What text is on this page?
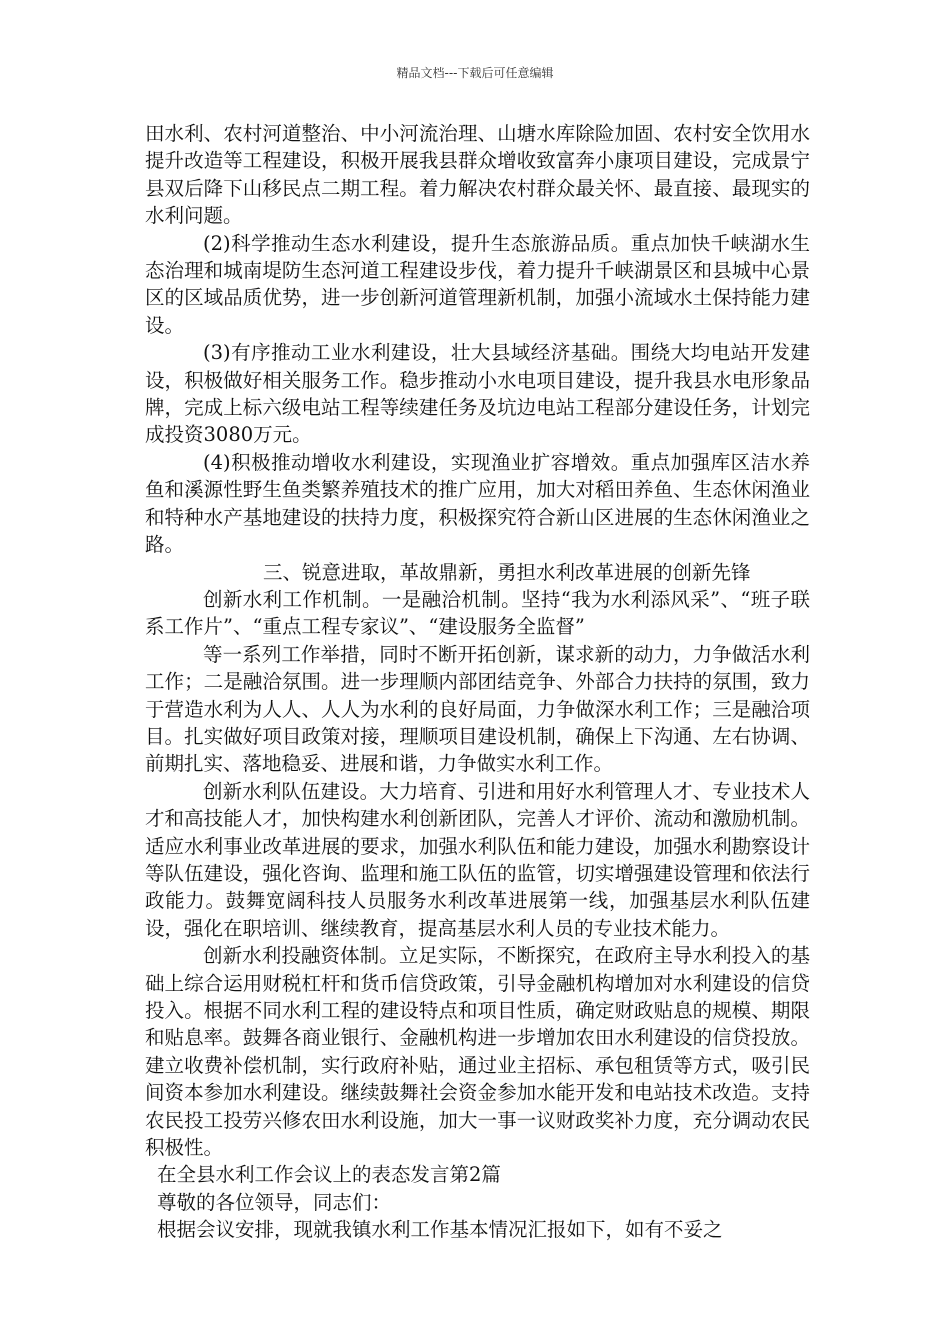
精品文档---下载后可任意编辑

田水利、农村河道整治、中小河流治理、山塘水库除险加固、农村安全饮用水提升改造等工程建设，积极开展我县群众增收致富奔小康项目建设，完成景宁县双后降下山移民点二期工程。着力解决农村群众最关怀、最直接、最现实的水利问题。

(2)科学推动生态水利建设，提升生态旅游品质。重点加快千峡湖水生态治理和城南堤防生态河道工程建设步伐，着力提升千峡湖景区和县城中心景区的区域品质优势，进一步创新河道管理新机制，加强小流域水土保持能力建设。

(3)有序推动工业水利建设，壮大县域经济基础。围绕大均电站开发建设，积极做好相关服务工作。稳步推动小水电项目建设，提升我县水电形象品牌，完成上标六级电站工程等续建任务及坑边电站工程部分建设任务，计划完成投资3080万元。

(4)积极推动增收水利建设，实现渔业扩容增效。重点加强库区洁水养鱼和溪源性野生鱼类繁养殖技术的推广应用，加大对稻田养鱼、生态休闲渔业和特种水产基地建设的扶持力度，积极探究符合新山区进展的生态休闲渔业之路。

三、锐意进取，革故鼎新，勇担水利改革进展的创新先锋

创新水利工作机制。一是融洽机制。坚持“我为水利添风采”、“班子联系工作片”、“重点工程专家议”、“建设服务全监督”

等一系列工作举措，同时不断开拓创新，谋求新的动力，力争做活水利工作；二是融洽氛围。进一步理顺内部团结竞争、外部合力扶持的氛围，致力于营造水利为人人、人人为水利的良好局面，力争做深水利工作；三是融洽项目。扎实做好项目政策对接，理顺项目建设机制，确保上下沟通、左右协调、前期扎实、落地稳妥、进展和谐，力争做实水利工作。

创新水利队伍建设。大力培育、引进和用好水利管理人才、专业技术人才和高技能人才，加快构建水利创新团队，完善人才评价、流动和激励机制。适应水利事业改革进展的要求，加强水利队伍和能力建设，加强水利勘察设计等队伍建设，强化咨询、监理和施工队伍的监管，切实增强建设管理和依法行政能力。鼓舞宽阔科技人员服务水利改革进展第一线，加强基层水利队伍建设，强化在职培训、继续教育，提高基层水利人员的专业技术能力。

创新水利投融资体制。立足实际，不断探究，在政府主导水利投入的基础上综合运用财税杠杆和货币信贷政策，引导金融机构增加对水利建设的信贷投入。根据不同水利工程的建设特点和项目性质，确定财政贴息的规模、期限和贴息率。鼓舞各商业银行、金融机构进一步增加农田水利建设的信贷投放。建立收费补偿机制，实行政府补贴，通过业主招标、承包租赁等方式，吸引民间资本参加水利建设。继续鼓舞社会资金参加水能开发和电站技术改造。支持农民投工投劳兴修农田水利设施，加大一事一议财政奖补力度，充分调动农民积极性。

在全县水利工作会议上的表态发言第2篇

尊敬的各位领导，同志们：

根据会议安排，现就我镇水利工作基本情况汇报如下，如有不妥之
